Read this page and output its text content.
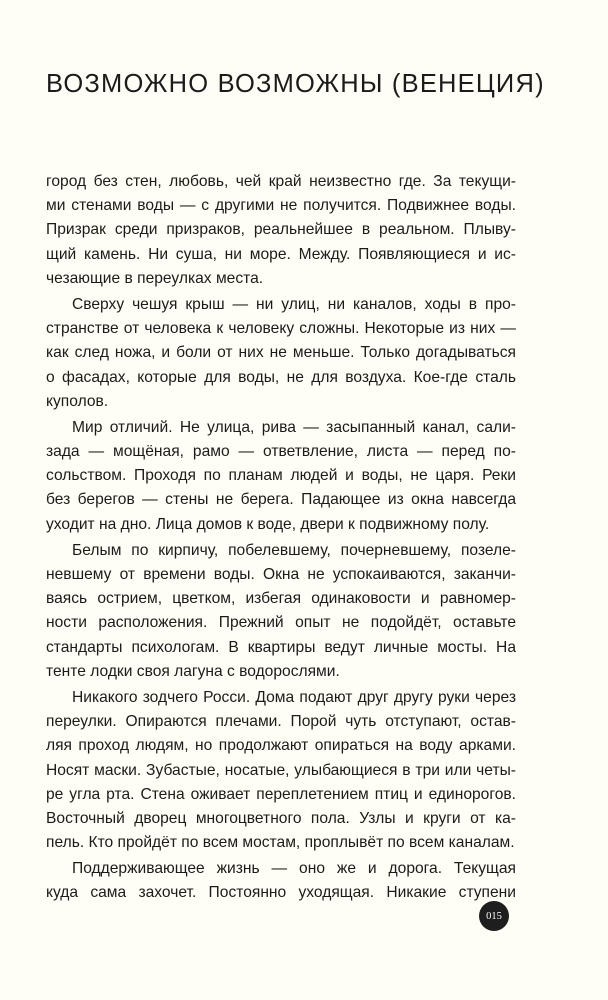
ВОЗМОЖНО ВОЗМОЖНЫ (ВЕНЕЦИЯ)
город без стен, любовь, чей край неизвестно где. За текущи-
ми стенами воды — с другими не получится. Подвижнее воды.
Призрак среди призраков, реальнейшее в реальном. Плыву-
щий камень. Ни суша, ни море. Между. Появляющиеся и ис-
чезающие в переулках места.
Сверху чешуя крыш — ни улиц, ни каналов, ходы в про-
странстве от человека к человеку сложны. Некоторые из них —
как след ножа, и боли от них не меньше. Только догадываться
о фасадах, которые для воды, не для воздуха. Кое-где сталь
куполов.
Мир отличий. Не улица, рива — засыпанный канал, сали-
зада — мощёная, рамо — ответвление, листа — перед по-
сольством. Проходя по планам людей и воды, не царя. Реки
без берегов — стены не берега. Падающее из окна навсегда
уходит на дно. Лица домов к воде, двери к подвижному полу.
Белым по кирпичу, побелевшему, почерневшему, позеле-
невшему от времени воды. Окна не успокаиваются, заканчи-
ваясь острием, цветком, избегая одинаковости и равномер-
ности расположения. Прежний опыт не подойдёт, оставьте
стандарты психологам. В квартиры ведут личные мосты. На
тенте лодки своя лагуна с водорослями.
Никакого зодчего Росси. Дома подают друг другу руки через
переулки. Опираются плечами. Порой чуть отступают, остав-
ляя проход людям, но продолжают опираться на воду арками.
Носят маски. Зубастые, носатые, улыбающиеся в три или четы-
ре угла рта. Стена оживает переплетением птиц и единорогов.
Восточный дворец многоцветного пола. Узлы и круги от ка-
пель. Кто пройдёт по всем мостам, проплывёт по всем каналам.
Поддерживающее жизнь — оно же и дорога. Текущая
куда сама захочет. Постоянно уходящая. Никакие ступени
015
